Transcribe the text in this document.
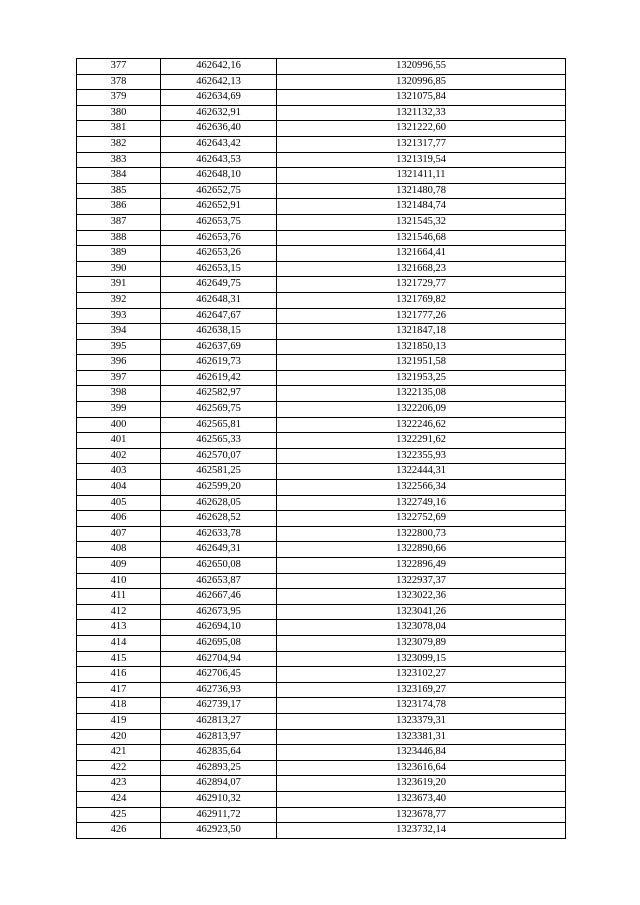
377	462642,16	1320996,55
378	462642,13	1320996,85
379	462634,69	1321075,84
380	462632,91	1321132,33
381	462636,40	1321222,60
382	462643,42	1321317,77
383	462643,53	1321319,54
384	462648,10	1321411,11
385	462652,75	1321480,78
386	462652,91	1321484,74
387	462653,75	1321545,32
388	462653,76	1321546,68
389	462653,26	1321664,41
390	462653,15	1321668,23
391	462649,75	1321729,77
392	462648,31	1321769,82
393	462647,67	1321777,26
394	462638,15	1321847,18
395	462637,69	1321850,13
396	462619,73	1321951,58
397	462619,42	1321953,25
398	462582,97	1322135,08
399	462569,75	1322206,09
400	462565,81	1322246,62
401	462565,33	1322291,62
402	462570,07	1322355,93
403	462581,25	1322444,31
404	462599,20	1322566,34
405	462628,05	1322749,16
406	462628,52	1322752,69
407	462633,78	1322800,73
408	462649,31	1322890,66
409	462650,08	1322896,49
410	462653,87	1322937,37
411	462667,46	1323022,36
412	462673,95	1323041,26
413	462694,10	1323078,04
414	462695,08	1323079,89
415	462704,94	1323099,15
416	462706,45	1323102,27
417	462736,93	1323169,27
418	462739,17	1323174,78
419	462813,27	1323379,31
420	462813,97	1323381,31
421	462835,64	1323446,84
422	462893,25	1323616,64
423	462894,07	1323619,20
424	462910,32	1323673,40
425	462911,72	1323678,77
426	462923,50	1323732,14
